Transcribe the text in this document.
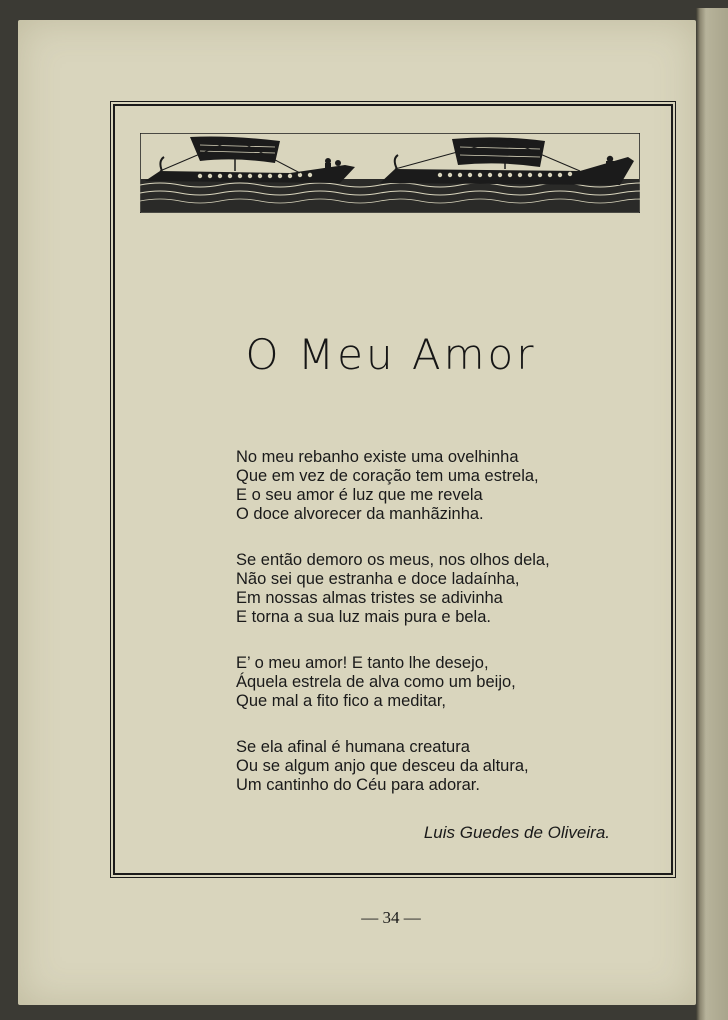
O Meu Amor
No meu rebanho existe uma ovelhinha
Que em vez de coração tem uma estrela,
E o seu amor é luz que me revela
O doce alvorecer da manhãzinha.
Se então demoro os meus, nos olhos dela,
Não sei que estranha e doce ladaínha,
Em nossas almas tristes se adivinha
E torna a sua luz mais pura e bela.
E’ o meu amor! E tanto lhe desejo,
Áquela estrela de alva como um beijo,
Que mal a fito fico a meditar,
Se ela afinal é humana creatura
Ou se algum anjo que desceu da altura,
Um cantinho do Céu para adorar.
Luis Guedes de Oliveira.
— 34 —
